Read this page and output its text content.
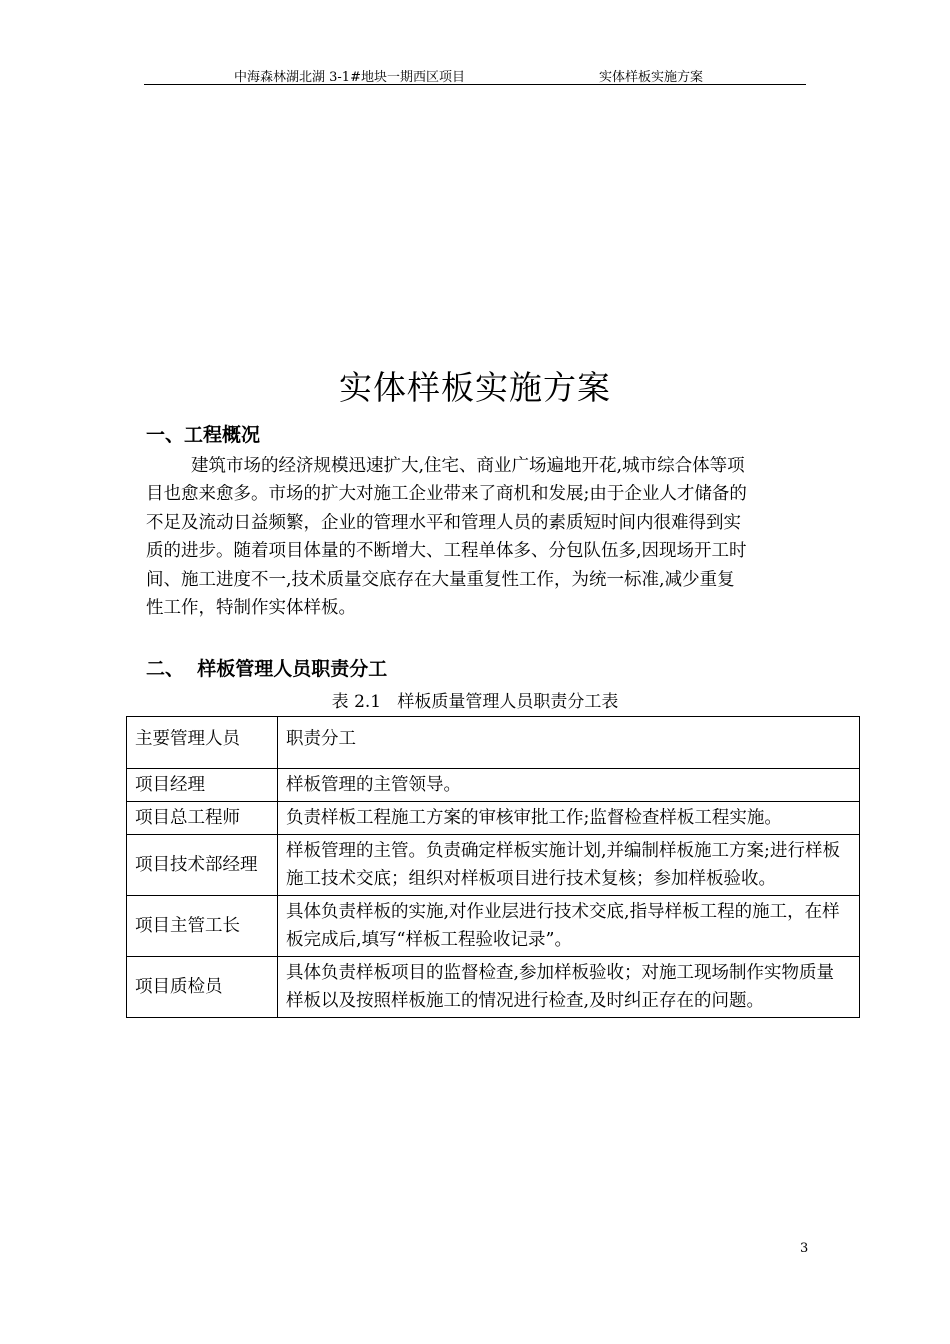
中海森林湖北湖 3-1#地块一期西区项目	实体样板实施方案
实体样板实施方案
一、工程概况
建筑市场的经济规模迅速扩大,住宅、商业广场遍地开花,城市综合体等项
目也愈来愈多。市场的扩大对施工企业带来了商机和发展;由于企业人才储备的
不足及流动日益频繁，企业的管理水平和管理人员的素质短时间内很难得到实
质的进步。随着项目体量的不断增大、工程单体多、分包队伍多,因现场开工时
间、施工进度不一,技术质量交底存在大量重复性工作，为统一标准,减少重复
性工作，特制作实体样板。
二、  样板管理人员职责分工
表 2.1   样板质量管理人员职责分工表
主要管理人员	职责分工
项目经理	样板管理的主管领导。
项目总工程师	负责样板工程施工方案的审核审批工作;监督检查样板工程实施。
项目技术部经理	样板管理的主管。负责确定样板实施计划,并编制样板施工方案;进行样板施工技术交底；组织对样板项目进行技术复核；参加样板验收。
项目主管工长	具体负责样板的实施,对作业层进行技术交底,指导样板工程的施工，在样板完成后,填写“样板工程验收记录”。
项目质检员	具体负责样板项目的监督检查,参加样板验收；对施工现场制作实物质量样板以及按照样板施工的情况进行检查,及时纠正存在的问题。
3
